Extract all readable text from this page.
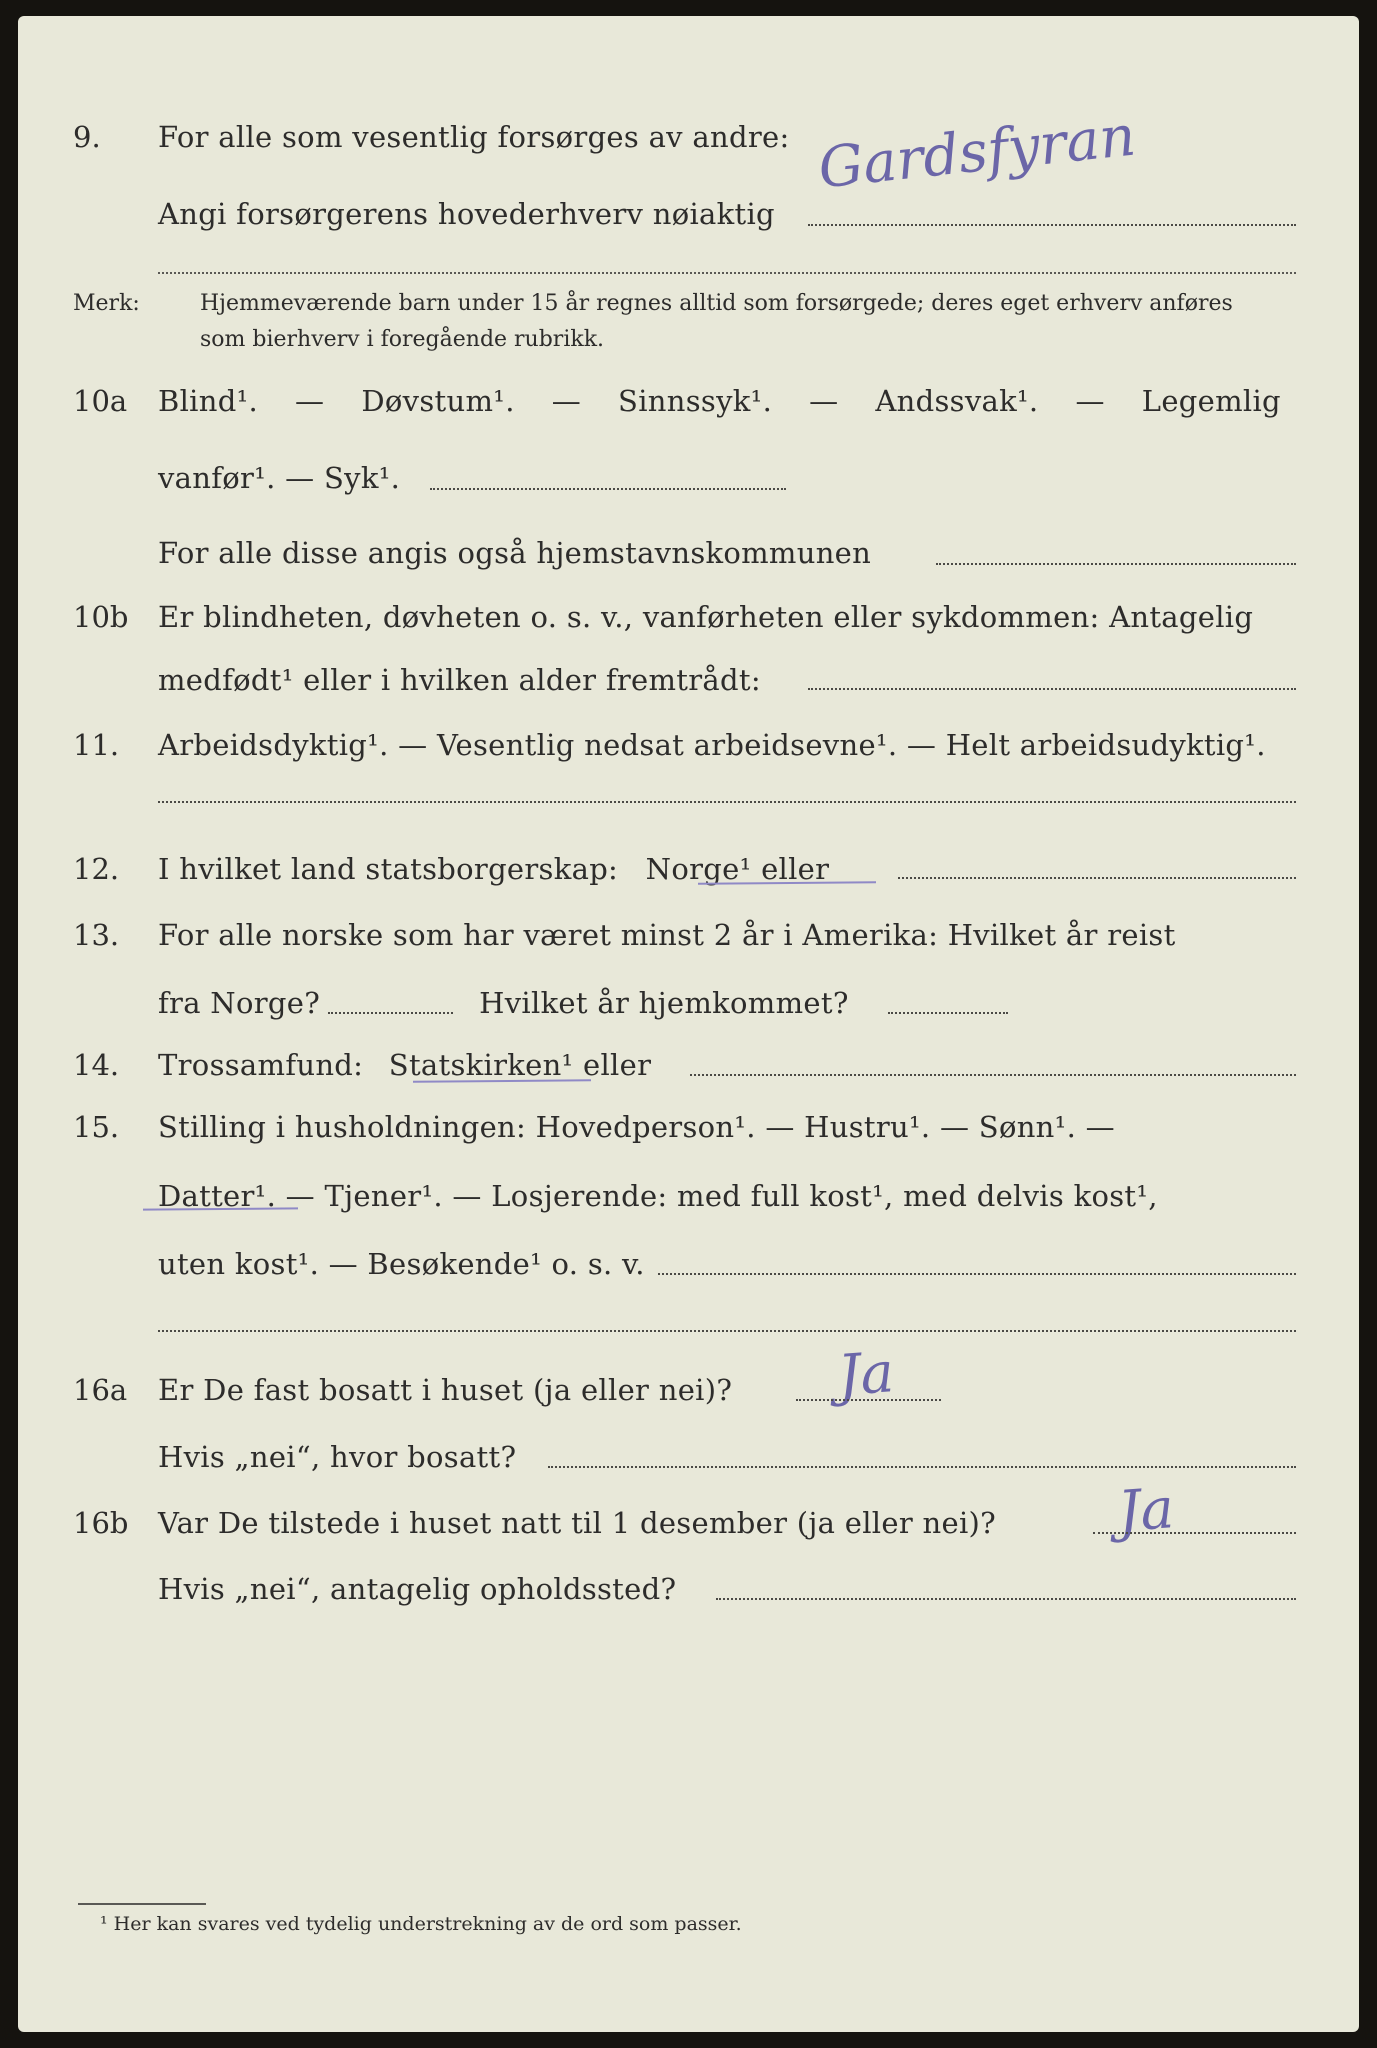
9. For alle som vesentlig forsørges av andre: Gardsfyran
Angi forsørgerens hovederhverv nøiaktig
Merk:	Hjemmeværende barn under 15 år regnes alltid som forsørgede; deres eget erhverv anføres som bierhverv i foregående rubrikk.
10a Blind¹. — Døvstum¹. — Sinnssyk¹. — Andssvak¹. — Legemlig
vanfør¹. — Syk¹.
For alle disse angis også hjemstavnskommunen
10b Er blindheten, døvheten o. s. v., vanførheten eller sykdommen: Antagelig
medfødt¹ eller i hvilken alder fremtrådt:
11. Arbeidsdyktig¹. — Vesentlig nedsat arbeidsevne¹. — Helt arbeidsudyktig¹.
12. I hvilket land statsborgerskap: Norge¹ eller
13. For alle norske som har været minst 2 år i Amerika: Hvilket år reist
fra Norge?	Hvilket år hjemkommet?
14. Trossamfund: Statskirken¹ eller
15. Stilling i husholdningen: Hovedperson¹. — Hustru¹. — Sønn¹. —
Datter¹. — Tjener¹. — Losjerende: med full kost¹, med delvis kost¹,
uten kost¹. — Besøkende¹ o. s. v.
16a Er De fast bosatt i huset (ja eller nei)? Ja
Hvis „nei“, hvor bosatt?
16b Var De tilstede i huset natt til 1 desember (ja eller nei)? Ja
Hvis „nei“, antagelig opholdssted?
¹ Her kan svares ved tydelig understrekning av de ord som passer.
